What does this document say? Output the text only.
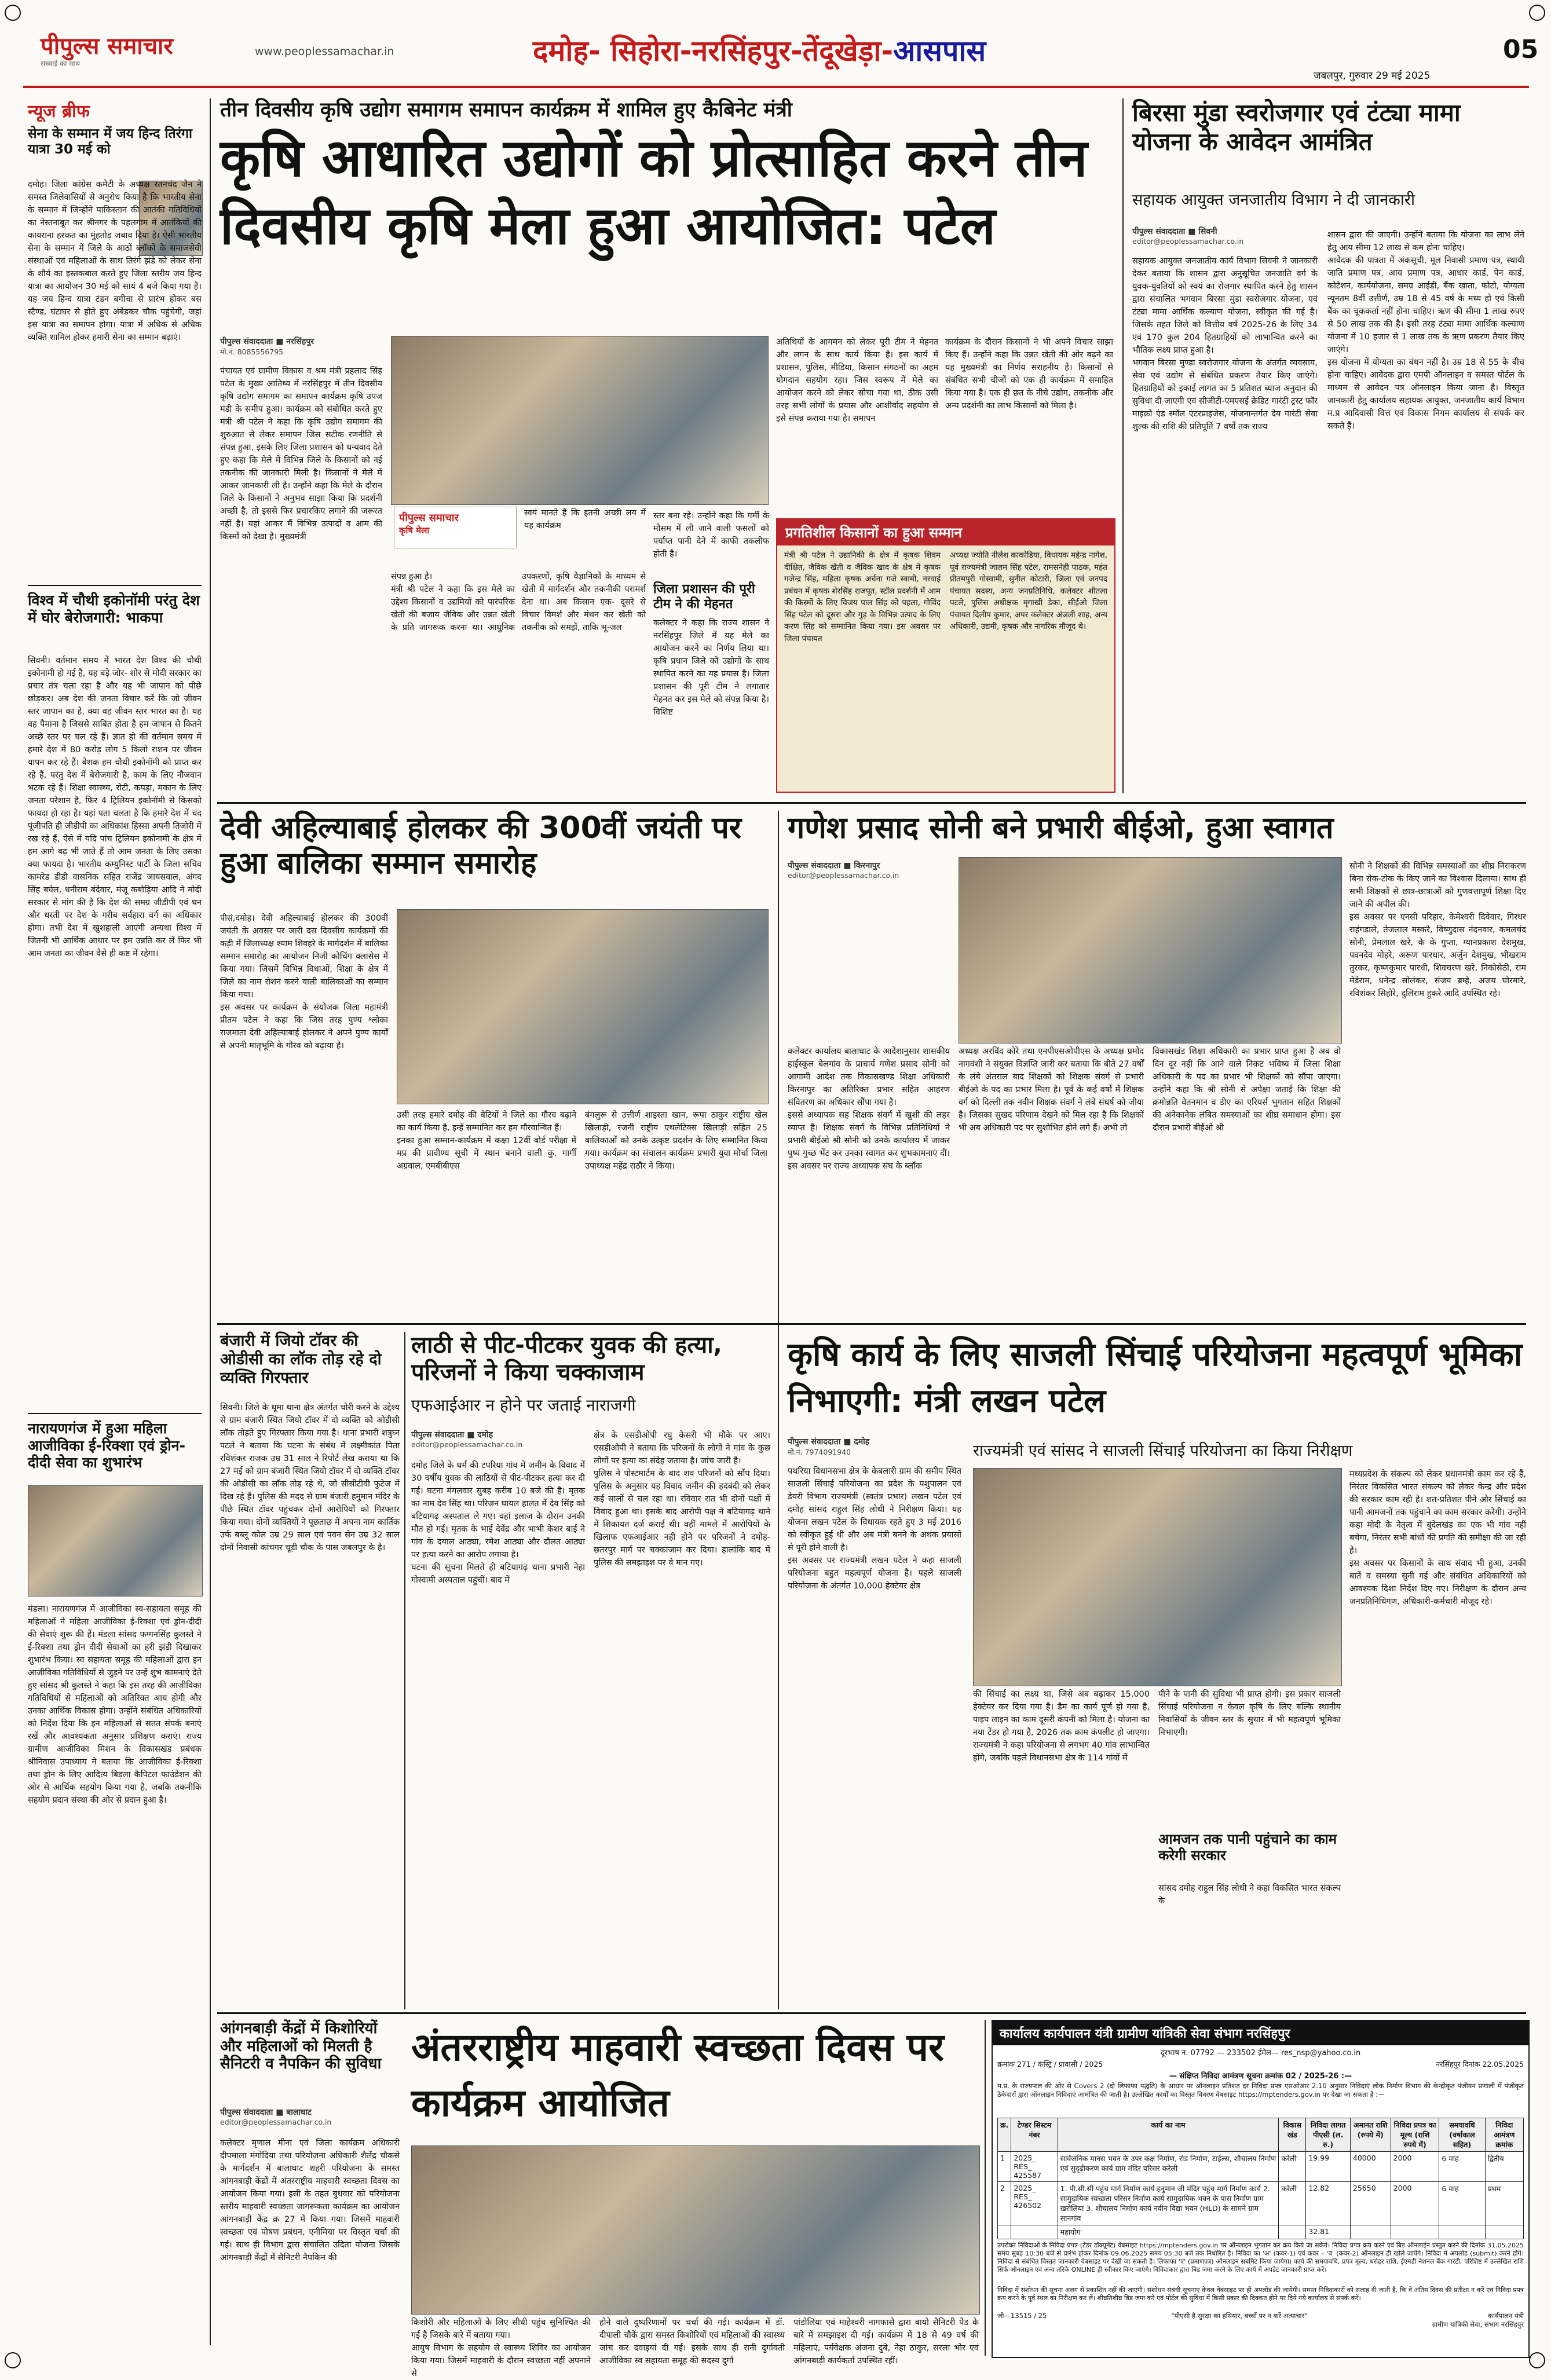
पीपुल्स समाचार
सच्चाई का साथ
www.peoplessamachar.in	दमोह- सिहोरा-नरसिंहपुर-तेंदूखेड़ा-आसपास
जबलपुर, गुरुवार 29 मई 2025
05
न्यूज ब्रीफ
सेना के सम्मान में जय हिन्द तिरंगा यात्रा 30 मई को
दमोह। जिला कांग्रेस कमेटी के अध्यक्ष रतनचंद जैन ने समस्त जिलेवासियों से अनुरोध किया है कि भारतीय सेना के सम्मान में जिन्होंने पाकिस्तान की आतंकी गतिविधियों का नेस्तनाबूत कर श्रीनगर के पहलगाम में आतंकियों की कायराना हरकत का मुंहतोड़ जबाव दिया है। ऐसी भारतीय सेना के सम्मान में जिले के आठों ब्लॉकों के समाजसेवी संस्थाओं एवं महिलाओं के साथ तिरंगे झंडे को लेकर सेना के शौर्य का इस्तकबाल करते हुए जिला स्तरीय जय हिन्द यात्रा का आयोजन 30 मई को सायं 4 बजे किया गया है। यह जय हिन्द यात्रा टंडन बगीचा से प्रारंभ होकर बस स्टैण्ड, घंटाघर से होते हुए अंबेडकर चौक पहुंचेगी, जहां इस यात्रा का समापन होगा। यात्रा में अधिक से अधिक व्यक्ति शामिल होकर हमारी सेना का सम्मान बढ़ाएं।
विश्व में चौथी इकोनॉमी परंतु देश में घोर बेरोजगारी: भाकपा
सिवनी। वर्तमान समय में भारत देश विश्व की चौथी इकोनामी हो गई है, यह बड़े जोर- शोर से मोदी सरकार का प्रचार तंत्र चला रहा है और यह भी जापान को पीछे छोड़कर। अब देश की जनता विचार करें कि जो जीवन स्तर जापान का है, क्या वह जीवन स्तर भारत का है। यह वह पैमाना है जिससे साबित होता है हम जापान से कितने अच्छे स्तर पर चल रहे हैं। ज्ञात हो की वर्तमान समय में हमारे देश में 80 करोड़ लोग 5 किलो राशन पर जीवन यापन कर रहे हैं। बेशक हम चौथी इकोनॉमी को प्राप्त कर रहे हैं, परंतु देश में बेरोजगारी है, काम के लिए नौजवान भटक रहे हैं। शिक्षा स्वास्थ्य, रोटी, कपड़ा, मकान के लिए जनता परेशान है, फिर 4 ट्रिलियन इकोनॉमी से किसको फायदा हो रहा है। यहां पता चलता है कि हमारे देश में चंद पूंजीपति ही जीडीपी का अधिकांश हिस्सा अपनी तिजोरी में रख रहे हैं, ऐसे में यदि पांच ट्रिलियन इकोनामी के क्षेत्र में हम आगे बढ़ भी जाते हैं तो आम जनता के लिए उसका क्या फायदा है। भारतीय कम्युनिस्ट पार्टी के जिला सचिव कामरेड डीडी वासनिक सहित राजेंद्र जायसवाल, अंगद सिंह बघेल, धनीराम बंदेवार, मंजू कबोड़िया आदि ने मोदी सरकार से मांग की है कि देश की समग्र जीडीपी एवं धन और धरती पर देश के गरीब सर्वहारा वर्ग का अधिकार होगा। तभी देश में खुशहाली आएगी अन्यथा विश्व में जितनी भी आर्थिक आधार पर हम उन्नति कर लें फिर भी आम जनता का जीवन वैसे ही कष्ट में रहेगा।
नारायणगंज में हुआ महिला आजीविका ई-रिक्शा एवं ड्रोन-दीदी सेवा का शुभारंभ
मंडला। नारायणगंज में आजीविका स्व-सहायता समूह की महिलाओं ने महिला आजीविका ई-रिक्शा एवं ड्रोन-दीदी की सेवाएं शुरू की हैं। मंडला सांसद फग्गनसिंह कुलस्ते ने ई-रिक्शा तथा ड्रोन दीदी सेवाओं का हरी झंडी दिखाकर शुभारंभ किया। स्व सहायता समूह की महिलाओं द्वारा इन आजीविका गतिविधियों से जुड़ने पर उन्हें शुभ कामनाएं देते हुए सांसद श्री कुलस्ते ने कहा कि इस तरह की आजीविका गतिविधियों से महिलाओं को अतिरिक्त आय होगी और उनका आर्थिक विकास होगा। उन्होंने संबंधित अधिकारियों को निर्देश दिया कि इन महिलाओं से सतत संपर्क बनाएं रखें और आवश्यकता अनुसार प्रशिक्षण कराएं। राज्य ग्रामीण आजीविका मिशन के विकासखंड प्रबंधक श्रीनिवास उपाध्याय ने बताया कि आजीविका ई-रिक्शा तथा ड्रोन के लिए आदित्य बिड़ला कैपिटल फाउंडेशन की ओर से आर्थिक सहयोग किया गया है, जबकि तकनीकि सहयोग प्रदान संस्था की ओर से प्रदान हुआ है।
तीन दिवसीय कृषि उद्योग समागम समापन कार्यक्रम में शामिल हुए कैबिनेट मंत्री
कृषि आधारित उद्योगों को प्रोत्साहित करने तीन दिवसीय कृषि मेला हुआ आयोजित: पटेल
पीपुल्स संवाददाता ■ नरसिंहपुर
मो.नं. 8085556795
पंचायत एवं ग्रामीण विकास व श्रम मंत्री प्रहलाद सिंह पटेल के मुख्य आतिथ्य में नरसिंहपुर में तीन दिवसीय कृषि उद्योग समागम का समापन कार्यक्रम कृषि उपज मंडी के समीप हुआ। कार्यक्रम को संबोधित करते हुए मंत्री श्री पटेल ने कहा कि कृषि उद्योग समागम की शुरुआत से लेकर समापन जिस सटीक रणनीति से संपन्न हुआ, इसके लिए जिला प्रशासन को धन्यवाद देते हुए कहा कि मेले में विभिन्न जिले के किसानों को नई तकनीक की जानकारी मिली है। किसानों ने मेले में आकर जानकारी ली है। उन्होंने कहा कि मेले के दौरान जिले के किसानों ने अनुभव साझा किया कि प्रदर्शनी अच्छी है, तो इससे फिर प्रचारकिए लगाने की जरूरत नहीं है। यहां आकर मैं विभिन्न उत्पादों व आम की किस्मों को देखा है। मुख्यमंत्री
पीपुल्स समाचार
कृषि मेला
स्वयं मानते हैं कि इतनी अच्छी लय में यह कार्यक्रम
संपन्न हुआ है।
मंत्री श्री पटेल ने कहा कि इस मेले का उद्देश्य किसानों व उद्यमियों को पारंपरिक खेती की बजाय जैविक और उन्नत खेती के प्रति जागरूक करना था। आधुनिक उपकरणों, कृषि वैज्ञानिकों के माध्यम से खेती में मार्गदर्शन और तकनीकी परामर्श देना था। अब किसान एक- दूसरे से विचार विमर्श और मंथन कर खेती को तकनीक को समझें, ताकि भू-जल
स्तर बना रहे। उन्होंने कहा कि गर्मी के मौसम में ली जाने वाली फसलों को पर्याप्त पानी देने में काफी तकलीफ होती है।
जिला प्रशासन की पूरी टीम ने की मेहनत
कलेक्टर ने कहा कि राज्य शासन ने नरसिंहपुर जिले में यह मेले का आयोजन करने का निर्णय लिया था। कृषि प्रधान जिले को उद्योगों के साथ स्थापित करने का यह प्रयास है। जिला प्रशासन की पूरी टीम ने लगातार मेहनत कर इस मेले को संपन्न किया है। विशिष्ट
अतिथियों के आगमन को लेकर पूरी टीम ने मेहनत और लगन के साथ कार्य किया है। इस कार्य में प्रशासन, पुलिस, मीडिया, किसान संगठनों का अहम योगदान सहयोग रहा। जिस स्वरूप में मेले का आयोजन करने को लेकर सोचा गया था, ठीक उसी तरह सभी लोगों के प्रयास और आशीर्वाद सहयोग से इसे संपन्न कराया गया है। समापन
कार्यक्रम के दौरान किसानों ने भी अपने विचार साझा किए हैं। उन्होंने कहा कि उन्नत खेती की ओर बढ़ने का यह मुख्यमंत्री का निर्णय सराहनीय है। किसानों से संबंधित सभी चीजों को एक ही कार्यक्रम में समाहित किया गया है। एक ही छत के नीचे उद्योग, तकनीक और अन्य प्रदर्शनी का लाभ किसानों को मिला है।
प्रगतिशील किसानों का हुआ सम्मान
मंत्री श्री पटेल ने उद्यानिकी के क्षेत्र में कृषक शिवम दीक्षित, जैविक खेती व जैविक खाद के क्षेत्र में कृषक गजेन्द्र सिंह, महिला कृषक अर्चना गजे स्वामी, नरवाई प्रबंधन में कृषक शेरसिंह राजपूत, स्टॉल प्रदर्शनी में आम की किस्मों के लिए विजय पाल सिंह को पहला, गोविंद सिंह पटेल को दूसरा और गुड़ के विभिन्न उत्पाद के लिए करण सिंह को सम्मानित किया गया। इस अवसर पर जिला पंचायत
अध्यक्ष ज्योति नीलेश काकोडिया, विधायक महेन्द्र नागेश, पूर्व राज्यमंत्री जालम सिंह पटेल, रामसनेही पाठक, महंत प्रीतमपुरी गोस्वामी, सुनील कोटारी, जिला एवं जनपद पंचायत सदस्य, अन्य जनप्रतिनिधि, कलेक्टर शीतला पटले, पुलिस अधीक्षक मृगाखी डेका, सीईओ जिला पंचायत दिलीप कुमार, अपर कलेक्टर अंजली शाह, अन्य अधिकारी, उद्यमी, कृषक और नागरिक मौजूद थे।
बिरसा मुंडा स्वरोजगार एवं टंट्या मामा योजना के आवेदन आमंत्रित
सहायक आयुक्त जनजातीय विभाग ने दी जानकारी
पीपुल्स संवाददाता ■ सिवनी
editor@peoplessamachar.co.in
सहायक आयुक्त जनजातीय कार्य विभाग सिवनी ने जानकारी देकर बताया कि शासन द्वारा अनुसूचित जनजाति वर्ग के युवक-युवतियों को स्वयं का रोजगार स्थापित करने हेतु शासन द्वारा संचालित भगवान बिरसा मुंडा स्वरोजगार योजना, एवं टंट्या मामा आर्थिक कल्याण योजना, स्वीकृत की गई है। जिसके तहत जिले को वित्तीय वर्ष 2025-26 के लिए 34 एवं 170 कुल 204 हितग्राहियों को लाभान्वित करने का भौतिक लक्ष्य प्राप्त हुआ है।
भगवान बिरसा मुण्डा स्वरोजगार योजना के अंतर्गत व्यवसाय, सेवा एवं उद्योग से संबंधित प्रकरण तैयार किए जाएंगे। हितग्राहियों को इकाई लागत का 5 प्रतिशत ब्याज अनुदान की सुविधा दी जाएगी एवं सीजीटी-एमएसई क्रेडिट गारंटी ट्रस्ट फॉर माइक्रो एंड स्मॉल एंटरप्राइजेस, योजनान्तर्गत देय गारंटी सेवा शुल्क की राशि की प्रतिपूर्ति 7 वर्षों तक राज्य
शासन द्वारा की जाएगी। उन्होंने बताया कि योजना का लाभ लेने हेतु आय सीमा 12 लाख से कम होना चाहिए।
आवेदक की पात्रता में अंकसूची, मूल निवासी प्रमाण पत्र, स्थायी जाति प्रमाण पत्र, आय प्रमाण पत्र, आधार कार्ड, पेन कार्ड, कोटेशन, कार्ययोजना, समग्र आईडी, बैंक खाता, फोटो, योग्यता न्यूनतम 8वीं उत्तीर्ण, उम्र 18 से 45 वर्ष के मध्य हो एवं किसी बैंक का चूककर्ता नहीं होना चाहिए। ऋण की सीमा 1 लाख रुपए से 50 लाख तक की है। इसी तरह टंट्या मामा आर्थिक कल्याण योजना में 10 हजार से 1 लाख तक के ऋण प्रकरण तैयार किए जाएंगे।
इस योजना में योग्यता का बंधन नहीं है। उम्र 18 से 55 के बीच होना चाहिए। आवेदक द्वारा एमपी ऑनलाइन व समस्त पोर्टल के माध्यम से आवेदन पत्र ऑनलाइन किया जाना है। विस्तृत जानकारी हेतु कार्यालय सहायक आयुक्त, जनजातीय कार्य विभाग म.प्र आदिवासी वित्त एवं विकास निगम कार्यालय से संपर्क कर सकते हैं।
देवी अहिल्याबाई होलकर की 300वीं जयंती पर हुआ बालिका सम्मान समारोह
पीसं,दमोह। देवी अहिल्याबाई होलकर की 300वीं जयंती के अवसर पर जारी दस दिवसीय कार्यक्रमों की कड़ी में जिलाध्यक्ष श्याम शिवहरे के मार्गदर्शन में बालिका सम्मान समारोह का आयोजन निजी कोचिंग क्लासेस में किया गया। जिसमें विभिन्न विधाओं, शिक्षा के क्षेत्र में जिले का नाम रोशन करने वाली बालिकाओं का सम्मान किया गया।
इस अवसर पर कार्यक्रम के संयोजक जिला महामंत्री प्रीतम पटेल ने कहा कि जिस तरह पुण्य श्लोका राजमाता देवी अहिल्याबाई होलकर ने अपने पुण्य कार्यों से अपनी मातृभूमि के गौरव को बढ़ाया है।
उसी तरह हमारे दमोह की बेटियों ने जिले का गौरव बढ़ाने का कार्य किया है, इन्हें सम्मानित कर हम गौरवान्वित हैं।
इनका हुआ सम्मान-कार्यक्रम में कक्षा 12वीं बोर्ड परीक्षा में मप्र की प्रावीण्य सूची में स्थान बनाने वाली कु. गार्गी अग्रवाल, एमबीबीएस
बंगलुरू से उत्तीर्ण शाइस्ता खान, रूपा ठाकुर राष्ट्रीय खेल खिलाड़ी, रजनी राष्ट्रीय एथलेटिक्स खिलाड़ी सहित 25 बालिकाओं को उनके उत्कृष्ट प्रदर्शन के लिए सम्मानित किया गया। कार्यक्रम का संचालन कार्यक्रम प्रभारी युवा मोर्चा जिला उपाध्यक्ष महेंद्र राठौर ने किया।
गणेश प्रसाद सोनी बने प्रभारी बीईओ, हुआ स्वागत
पीपुल्स संवाददाता ■ किरनापुर
editor@peoplessamachar.co.in
कलेक्टर कार्यालय बालाघाट के आदेशानुसार शासकीय हाईस्कूल बेलगांव के प्राचार्य गणेश प्रसाद सोनी को आगामी आदेश तक विकासखण्ड शिक्षा अधिकारी किरनापुर का अतिरिक्त प्रभार सहित आहरण संवितरण का अधिकार सौंपा गया है।
इससे अध्यापक सह शिक्षक संवर्ग में खुशी की लहर व्याप्त है। शिक्षक संवर्ग के विभिन्न प्रतिनिधियों ने प्रभारी बीईओ श्री सोनी को उनके कार्यालय में जाकर पुष्प गुच्छ भेंट कर उनका स्वागत कर शुभकामनाएं दीं। इस अवसर पर राज्य अध्यापक संघ के ब्लॉक
अध्यक्ष अरविंद कोरे तथा एनपीएसओपीएस के अध्यक्ष प्रमोद नागवंशी ने संयुक्त विज्ञप्ति जारी कर बताया कि बीते 27 वर्षों के लंबे अंतराल बाद शिक्षकों को शिक्षक संवर्ग से प्रभारी बीईओ के पद का प्रभार मिला है। पूर्व के कई वर्षों में शिक्षक वर्ग को दिल्ली तक नवीन शिक्षक संवर्ग ने लंबे संघर्ष को जीया है। जिसका सुखद परिणाम देखने को मिल रहा है कि शिक्षकों भी अब अधिकारी पद पर सुशोभित होने लगे हैं। अभी तो
विकासखंड शिक्षा अधिकारी का प्रभार प्राप्त हुआ है अब वो दिन दूर नहीं कि आने वाले निकट भविष्य में जिला शिक्षा अधिकारी के पद का प्रभार भी शिक्षकों को सौंपा जाएगा। उन्होंने कहा कि श्री सोनी से अपेक्षा जताई कि शिक्षा की क्रमोन्नति वेतनमान व डीए का एरियर्स भुगतान सहित शिक्षकों की अनेकानेक लंबित समस्याओं का शीघ्र समाधान होगा। इस दौरान प्रभारी बीईओ श्री
सोनी ने शिक्षकों की विभिन्न समस्याओं का शीघ्र निराकरण बिना रोक-टोक के किए जाने का विश्वास दिलाया। साथ ही सभी शिक्षकों से छात्र-छात्राओं को गुणवत्तापूर्ण शिक्षा दिए जाने की अपील की।
इस अवसर पर एनसी परिहार, केमेश्वरी दिवेवार, गिरधर राहंगडाले, तेजलाल मस्करे, विष्णुदास नंदनवार, कमलचंद सोनी, प्रेमलाल खरे, के के गुप्ता, ग्यानप्रकाश देशमुख, पवनदेव मोहरे, अरूण पारधार, अर्जुन देशमुख, भीखराम तुरकर, कृष्णकुमार पारधी, शिवचरण खरे, निकोसेठी, राम मेडेराम, धनेन्द्र सोलंकर, संजय ब्रम्हे, अजय घोरमारे, रविशंकर सिहोरे, दुलिराम हुकरे आदि उपस्थित रहे।
बंजारी में जियो टॉवर की ओडीसी का लॉक तोड़ रहे दो व्यक्ति गिरफ्तार
सिवनी। जिले के धूमा थाना क्षेत्र अंतर्गत चोरी करने के उद्देश्य से ग्राम बंजारी स्थित जियो टॉवर में दो व्यक्ति को ओडीसी लॉक तोड़ते हुए गिरफ्तार किया गया है। थाना प्रभारी शत्रुघ्न पटले ने बताया कि घटना के संबंध में लक्ष्मीकांत पिता रविशंकर राजक उम्र 31 साल ने रिपोर्ट लेख कराया था कि 27 मई को ग्राम बंजारी स्थित जियो टॉवर में दो व्यक्ति टॉवर की ओडीसी का लॉक तोड़ रहे थे, जो सीसीटीवी फुटेज में दिख रहे हैं। पुलिस की मदद से ग्राम बंजारी हनुमान मंदिर के पीछे स्थित टॉवर पहुंचकर दोनों आरोपियों को गिरफ्तार किया गया। दोनों व्यक्तियों ने पूछताछ में अपना नाम कार्तिक उर्फ बब्लू कोल उम्र 29 साल एवं पवन सेन उम्र 32 साल दोनों निवासी कांचगर चूड़ी चौक के पास जबलपुर के है।
लाठी से पीट-पीटकर युवक की हत्या, परिजनों ने किया चक्काजाम
एफआईआर न होने पर जताई नाराजगी
पीपुल्स संवाददाता ■ दमोह
editor@peoplessamachar.co.in
दमोह जिले के धर्म की टपरिया गांव में जमीन के विवाद में 30 वर्षीय युवक की लाठियों से पीट-पीटकर हत्या कर दी गई। घटना मंगलवार सुबह करीब 10 बजे की है। मृतक का नाम देव सिंह था। परिजन घायल हालत में देव सिंह को बटियागढ़ अस्पताल ले गए। वहां इलाज के दौरान उनकी मौत हो गई। मृतक के भाई देवेंद्र और भाभी केशर बाई ने गांव के दयाल आठ्या, रमेश आठ्या और दौलत आठ्या पर हत्या करने का आरोप लगाया है।
घटना की सूचना मिलते ही बटियागढ़ थाना प्रभारी नेहा गोस्वामी अस्पताल पहुंचीं। बाद में
क्षेत्र के एसडीओपी रघु केसरी भी मौके पर आए। एसडीओपी ने बताया कि परिजनों के लोगों ने गांव के कुछ लोगों पर हत्या का संदेह जताया है। जांच जारी है।
पुलिस ने पोस्टमार्टम के बाद शव परिजनों को सौंप दिया। पुलिस के अनुसार यह विवाद जमीन की हदबंदी को लेकर कई सालों से चल रहा था। रविवार रात भी दोनों पक्षों में विवाद हुआ था। इसके बाद आरोपी पक्ष ने बटियागढ़ थाने में शिकायत दर्ज कराई थी। वहीं मामले में आरोपियों के खिलाफ एफआईआर नहीं होने पर परिजनों ने दमोह-छतरपुर मार्ग पर चक्काजाम कर दिया। हालांकि बाद में पुलिस की समझाइश पर वे मान गए।
कृषि कार्य के लिए साजली सिंचाई परियोजना महत्वपूर्ण भूमिका निभाएगी: मंत्री लखन पटेल
पीपुल्स संवाददाता ■ दमोह
मो.नं. 7974091940	राज्यमंत्री एवं सांसद ने साजली सिंचाई परियोजना का किया निरीक्षण
पथरिया विधानसभा क्षेत्र के केबलारी ग्राम की समीप स्थित साजली सिंचाई परियोजना का प्रदेश के पशुपालन एवं डेयरी विभाग राज्यमंत्री (स्वतंत्र प्रभार) लखन पटेल एवं दमोह सांसद राहुल सिंह लोधी ने निरीक्षण किया। यह योजना लखन पटेल के विधायक रहते हुए 3 मई 2016 को स्वीकृत हुई थी और अब मंत्री बनने के अथक प्रयासों से पूरी होने वाली है।
इस अवसर पर राज्यमंत्री लखन पटेल ने कहा साजली परियोजना बहुत महत्वपूर्ण योजना है। पहले साजली परियोजना के अंतर्गत 10,000 हेक्टेयर क्षेत्र
की सिंचाई का लक्ष्य था, जिसे अब बढ़ाकर 15,000 हेक्टेयर कर दिया गया है। डैम का कार्य पूर्ण हो गया है, पाइप लाइन का काम दूसरी कंपनी को मिला है। योजना का नया टेंडर हो गया है, 2026 तक काम कंपलीट हो जाएगा। राज्यमंत्री ने कहा परियोजना से लगभग 40 गांव लाभान्वित होंगे, जबकि पहले विधानसभा क्षेत्र के 114 गांवों में
पीने के पानी की सुविधा भी प्राप्त होगी। इस प्रकार साजली सिंचाई परियोजना न केवल कृषि के लिए बल्कि स्थानीय निवासियों के जीवन स्तर के सुधार में भी महत्वपूर्ण भूमिका निभाएगी।
आमजन तक पानी पहुंचाने का काम करेगी सरकार
सांसद दमोह राहुल सिंह लोधी ने कहा विकसित भारत संकल्प के
मध्यप्रदेश के संकल्प को लेकर प्रधानमंत्री काम कर रहे हैं, निरंतर विकसित भारत संकल्प को लेकर केन्द्र और प्रदेश की सरकार काम रही है। शत-प्रतिशत पीने और सिंचाई का पानी आमजनों तक पहुंचाने का काम सरकार करेगी। उन्होंने कहा मोदी के नेतृत्व में बुंदेलखंड का एक भी गांव नहीं बचेगा, निरंतर सभी बांधों की प्रगति की समीक्षा की जा रही है।
इस अवसर पर किसानों के साथ संवाद भी हुआ, उनकी बातें व समस्या सुनी गई और संबंधित अधिकारियों को आवश्यक दिशा निर्देश दिए गए। निरीक्षण के दौरान अन्य जनप्रतिनिधिगण, अधिकारी-कर्मचारी मौजूद रहे।
आंगनबाड़ी केंद्रों में किशोरियों और महिलाओं को मिलती है सैनिटरी व नैपकिन की सुविधा अंतरराष्ट्रीय माहवारी स्वच्छता दिवस पर कार्यक्रम आयोजित
पीपुल्स संवाददाता ■ बालाघाट
editor@peoplessamachar.co.in
कलेक्टर मृणाल मीना एवं जिला कार्यक्रम अधिकारी दीपमाला मंगोदिया तथा परियोजना अधिकारी शैलेंद्र चौकसे के मार्गदर्शन में बालाघाट शहरी परियोजना के समस्त आंगनबाड़ी केंद्रों में अंतरराष्ट्रीय माहवारी स्वच्छता दिवस का आयोजन किया गया। इसी के तहत बुधवार को परियोजना स्तरीय माहवारी स्वच्छता जागरूकता कार्यक्रम का आयोजन आंगनबाड़ी केंद्र क्र 27 में किया गया। जिसमें माहवारी स्वच्छता एवं पोषण प्रबंधन, एनीमिया पर विस्तृत चर्चा की गई। साथ ही विभाग द्वारा संचालित उदिता योजना जिसके आंगनबाड़ी केंद्रों में सैनिटरी नैपकिन की
किशोरी और महिलाओं के लिए सीधी पहुंच सुनिश्चित की गई है जिसके बारे में बताया गया।
आयुष विभाग के सहयोग से स्वास्थ्य शिविर का आयोजन किया गया। जिसमें माहवारी के दौरान स्वच्छता नहीं अपनाने से
होने वाले दुष्परिणामों पर चर्चा की गई। कार्यक्रम में डॉ. दीपाली चौकें द्वारा समस्त किशोरियों एवं महिलाओं की स्वास्थ्य जांच कर दवाइयां दी गई। इसके साथ ही रानी दुर्गावती आजीविका स्व सहायता समूह की सदस्य दुर्गा
पांडोलिया एवं माहेश्वरी नागफासे द्वारा बायो सैनिटरी पैड के बारे में समझाइश दी गई। कार्यक्रम में 18 से 49 वर्ष की महिलाएं, पर्यवेक्षक अंजना दुबे, नेहा ठाकुर, सरला भोर एवं आंगनबाड़ी कार्यकर्ता उपस्थित रहीं।
कार्यालय कार्यपालन यंत्री ग्रामीण यांत्रिकी सेवा संभाग नरसिंहपुर
दूरभाष न. 07792 — 233502 ईमेल— res_nsp@yahoo.co.in
क्रमांक 271 / कंस्ट्रि / प्रावासी / 2025	नरसिंहपुर दिनांक 22.05.2025
— संक्षिप्त निविदा आमंत्रण सूचना क्रमांक 02 / 2025-26 :—
म.प्र. के राज्यपाल की ओर से Covers 2 (दो लिफाफा पद्धति) के आधार पर ऑनलाइन प्रतिशत दर निविदा प्रपत्र एसओआर 2.10 अनुसार निविदाएं लोक निर्माण विभाग की केन्द्रीकृत पंजीयन प्रणाली में पंजीकृत ठेकेदारों द्वारा ऑनलाइन निविदाएं आमंत्रित की जाती है। उल्लेखित कार्यों का विस्तृत विवरण वेबसाइट https://mptenders.gov.in पर देखा जा सकता है :—
क्र.	टेण्डर सिस्टम नंबर	कार्य का नाम	विकास खंड	निविदा लागत पीएसी (ल. रु.)	अमानत राशि (रुपये में)	निविदा प्रपत्र का मूल्य (राशि रुपये में)	समयावधि (वर्षाकाल सहित)	निविदा आमंत्रण क्रमांक
1	2025_ RES_ 425587	सार्वजनिक मानस भवन के उपर कक्ष निर्माण, रोड निर्माण, टाईल्स, शौचालय निर्माण एवं सुदृढ़ीकरण कार्य ग्राम मंदिर परिसर करेली	करेली	19.99	40000	2000	6 माह	द्वितीय
2	2025_ RES_ 426502	1. पी.सी.सी पहुंच मार्ग निर्माण कार्य हनुमान जी मंदिर पहुंच मार्ग निर्माण कार्य 2. सामुदायिक स्वच्छता परिसर निर्माण कार्य सामुदायिक भवन के पास निर्माण ग्राम खरोलिया 3. शौचालय निर्माण कार्य नवीन विद्या भवन (HLD) के सामने ग्राम सानगांव	करेली	12.82	25650	2000	6 माह	प्रथम
		महायोग		32.81				
उपरोक्त निविदाओं के निविदा प्रपत्र (टेंडर डॉक्यूमेंट) वेबसाइट https://mptenders.gov.in पर ऑनलाइन भुगतान कर क्रय किये जा सकेंगे। निविदा प्रपत्र क्रय करने एवं बिड ऑनलाईन प्रस्तुत करने की दिनांक 31.05.2025 समय सुबह 10:30 बजे से प्रारंभ होकर दिनांक 09.06.2025 समय 05:30 बजे तक निर्धारित है। निविदा का 'अ' (कवर-1) एवं कवर – 'ब' (कवर-2) ऑनलाइन ही खोले जायेंगे। निविदा मे अपलोड (submit) करने होंगे। निविदा से संबंधित विस्तृत जानकारी वेबसाइट पर देखी जा सकती है। लिफाफा 'ए' (प्रमाणपत्र) ऑनलाइन सबमिट किया जायेगा। कार्य की समयावधि, प्रपत्र मूल्य, धरोहर राशि, ईएमडी नेशनल बैंक गारंटी, परिशिष्ट में उल्लेखित राशि सिर्फ ऑनलाइन एवं अन्य तरिके ONLINE ही स्वीकार किए जाएंगे। निविदाकार द्वारा बिड जमा करने के लिए कार्य में अपडेट जानकारी प्राप्त करें।
निविदा में संशोधन की सूचना अलग से प्रकाशित नहीं की जाएगी। संशोधन संबंधी सूचनाएं केवल वेबसाइट पर ही अपलोड की जायेगी। समस्त निविदाकारों को सलाह दी जाती है, कि वे अंतिम दिवस की प्रतीक्षा न करें एवं निविदा प्रपत्र क्रय करने के पूर्व स्थल का निरीक्षण कर लें। शीघ्रतिशीघ्र बिड जमा करें एवं पोर्टल की सुविधा में किसी प्रकार की दिक्कत होने पर दिये गये कार्यालय से संपर्क करें।
जी—13515 / 25	"पीएसी है सुरक्षा का हथियार, बच्चों पर न करें अत्याचार"	कार्यपालन यंत्री
ग्रामीण यांत्रिकी सेवा, संभाग नरसिंहपुर
